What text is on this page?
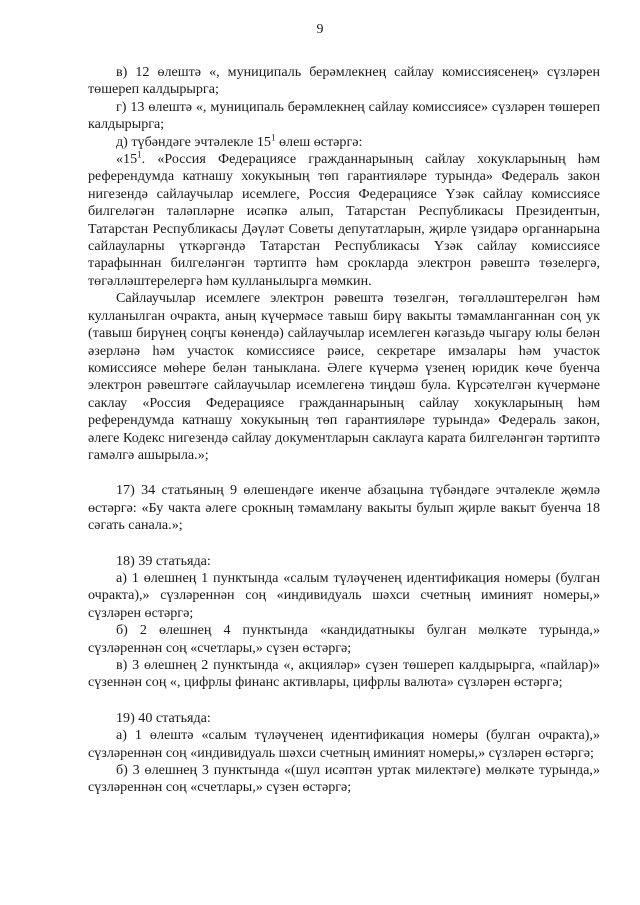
9

в) 12 өлештә «, муниципаль берәмлекнең сайлау комиссиясенең» сүзләрен төшереп калдырырга;

г) 13 өлештә «, муниципаль берәмлекнең сайлау комиссиясе» сүзләрен төшереп калдырырга;

д) түбәндәге эчтәлекле $15^1$ өлеш өстәргә:

«$15^1$. «Россия Федерациясе гражданнарының сайлау хокукларының һәм референдумда катнашу хокукының төп гарантияләре турында» Федераль закон нигезендә сайлаучылар исемлеге, Россия Федерациясе Үзәк сайлау комиссиясе билгеләгән таләпләрне исәпкә алып, Татарстан Республикасы Президентын, Татарстан Республикасы Дәүләт Советы депутатларын, җирле үзидарә органнарына сайлауларны үткәргәндә Татарстан Республикасы Үзәк сайлау комиссиясе тарафыннан билгеләнгән тәртиптә һәм срокларда электрон рәвештә төзелергә, төгәлләштерелергә һәм кулланылырга мөмкин.

Сайлаучылар исемлеге электрон рәвештә төзелгән, төгәлләштерелгән һәм кулланылган очракта, аның күчермәсе тавыш бирү вакыты тәмамланганнан соң ук (тавыш бирүнең соңгы көнендә) сайлаучылар исемлеген кәгазьдә чыгару юлы белән әзерләнә һәм участок комиссиясе рәисе, секретаре имзалары һәм участок комиссиясе мөһере белән таныклана. Әлеге күчермә үзенең юридик көче буенча электрон рәвештәге сайлаучылар исемлегенә тиңдәш була. Күрсәтелгән күчермәне саклау «Россия Федерациясе гражданнарының сайлау хокукларының һәм референдумда катнашу хокукының төп гарантияләре турында» Федераль закон, әлеге Кодекс нигезендә сайлау документларын саклауга карата билгеләнгән тәртиптә гамәлгә ашырыла.»;

17) 34 статьяның 9 өлешендәге икенче абзацына түбәндәге эчтәлекле җөмлә өстәргә: «Бу чакта әлеге срокның тәмамлану вакыты булып җирле вакыт буенча 18 сәгать санала.»;

18) 39 статьяда:

а) 1 өлешнең 1 пунктында «салым түләүченең идентификация номеры (булган очракта),» сүзләреннән соң «индивидуаль шәхси счетның иминият номеры,» сүзләрен өстәргә;

б) 2 өлешнең 4 пунктында «кандидатныкы булган мөлкәте турында,» сүзләреннән соң «счетлары,» сүзен өстәргә;

в) 3 өлешнең 2 пунктында «, акцияләр» сүзен төшереп калдырырга, «пайлар)» сүзеннән соң «, цифрлы финанс активлары, цифрлы валюта» сүзләрен өстәргә;

19) 40 статьяда:

а) 1 өлештә «салым түләүченең идентификация номеры (булган очракта),» сүзләреннән соң «индивидуаль шәхси счетның иминият номеры,» сүзләрен өстәргә;

б) 3 өлешнең 3 пунктында «(шул исәптән уртак милектәге) мөлкәте турында,» сүзләреннән соң «счетлары,» сүзен өстәргә;
